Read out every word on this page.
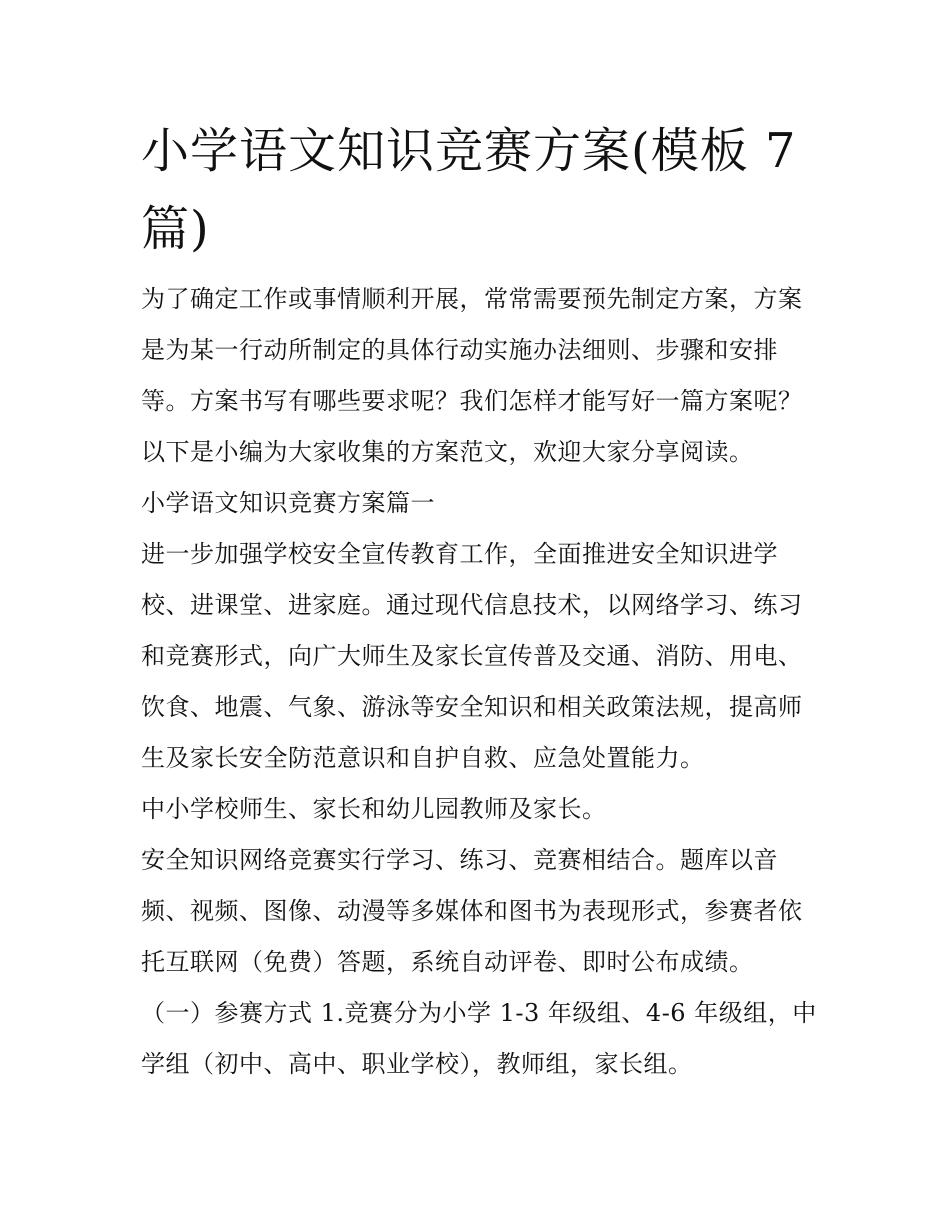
小学语文知识竞赛方案(模板 7 篇)

为了确定工作或事情顺利开展，常常需要预先制定方案，方案是为某一行动所制定的具体行动实施办法细则、步骤和安排等。方案书写有哪些要求呢？我们怎样才能写好一篇方案呢？以下是小编为大家收集的方案范文，欢迎大家分享阅读。

小学语文知识竞赛方案篇一

进一步加强学校安全宣传教育工作，全面推进安全知识进学校、进课堂、进家庭。通过现代信息技术，以网络学习、练习和竞赛形式，向广大师生及家长宣传普及交通、消防、用电、饮食、地震、气象、游泳等安全知识和相关政策法规，提高师生及家长安全防范意识和自护自救、应急处置能力。

中小学校师生、家长和幼儿园教师及家长。

安全知识网络竞赛实行学习、练习、竞赛相结合。题库以音频、视频、图像、动漫等多媒体和图书为表现形式，参赛者依托互联网（免费）答题，系统自动评卷、即时公布成绩。

（一）参赛方式 1.竞赛分为小学 1-3 年级组、4-6 年级组，中学组（初中、高中、职业学校），教师组，家长组。
